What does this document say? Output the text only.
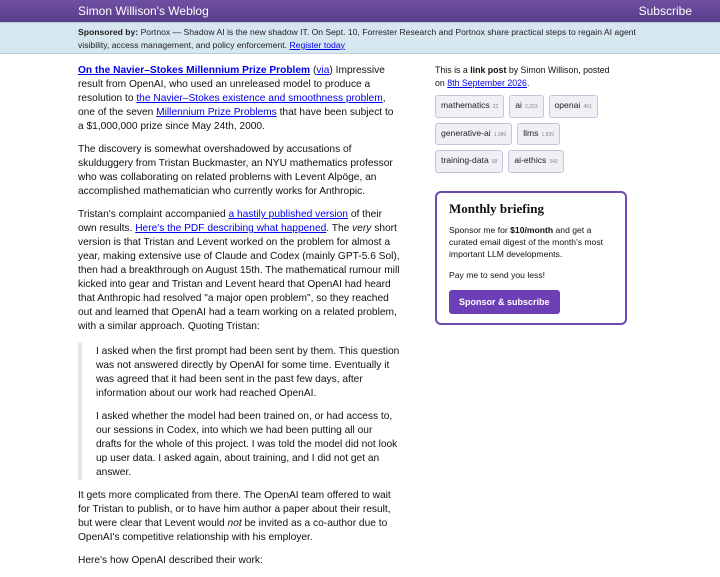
Simon Willison's Weblog	Subscribe
Sponsored by: Portnox — Shadow AI is the new shadow IT. On Sept. 10, Forrester Research and Portnox share practical steps to regain AI agent visibility, access management, and policy enforcement. Register today

On the Navier–Stokes Millennium Prize Problem (via) Impressive result from OpenAI, who used an unreleased model to produce a resolution to the Navier–Stokes existence and smoothness problem, one of the seven Millennium Prize Problems that have been subject to a $1,000,000 prize since May 24th, 2000.

The discovery is somewhat overshadowed by accusations of skulduggery from Tristan Buckmaster, an NYU mathematics professor who was collaborating on related problems with Levent Alpöge, an accomplished mathematician who currently works for Anthropic.

Tristan's complaint accompanied a hastily published version of their own results. Here's the PDF describing what happened. The very short version is that Tristan and Levent worked on the problem for almost a year, making extensive use of Claude and Codex (mainly GPT-5.6 Sol), then had a breakthrough on August 15th. The mathematical rumour mill kicked into gear and Tristan and Levent heard that OpenAI had heard that Anthropic had resolved "a major open problem", so they reached out and learned that OpenAI had a team working on a related problem, with a similar approach. Quoting Tristan:

I asked when the first prompt had been sent by them. This question was not answered directly by OpenAI for some time. Eventually it was agreed that it had been sent in the past few days, after information about our work had reached OpenAI.

I asked whether the model had been trained on, or had access to, our sessions in Codex, into which we had been putting all our drafts for the whole of this project. I was told the model did not look up user data. I asked again, about training, and I did not get an answer.

It gets more complicated from there. The OpenAI team offered to wait for Tristan to publish, or to have him author a paper about their result, but were clear that Levent would not be invited as a co-author due to OpenAI's competitive relationship with his employer.

Here's how OpenAI described their work:

This is a link post by Simon Willison, posted on 8th September 2026.
mathematics 22	ai 2,223	openai 461
generative-ai 1,986	llms 1,835
training-data 68	ai-ethics 340
Monthly briefing

Sponsor me for $10/month and get a curated email digest of the month's most important LLM developments.

Pay me to send you less!

Sponsor & subscribe
